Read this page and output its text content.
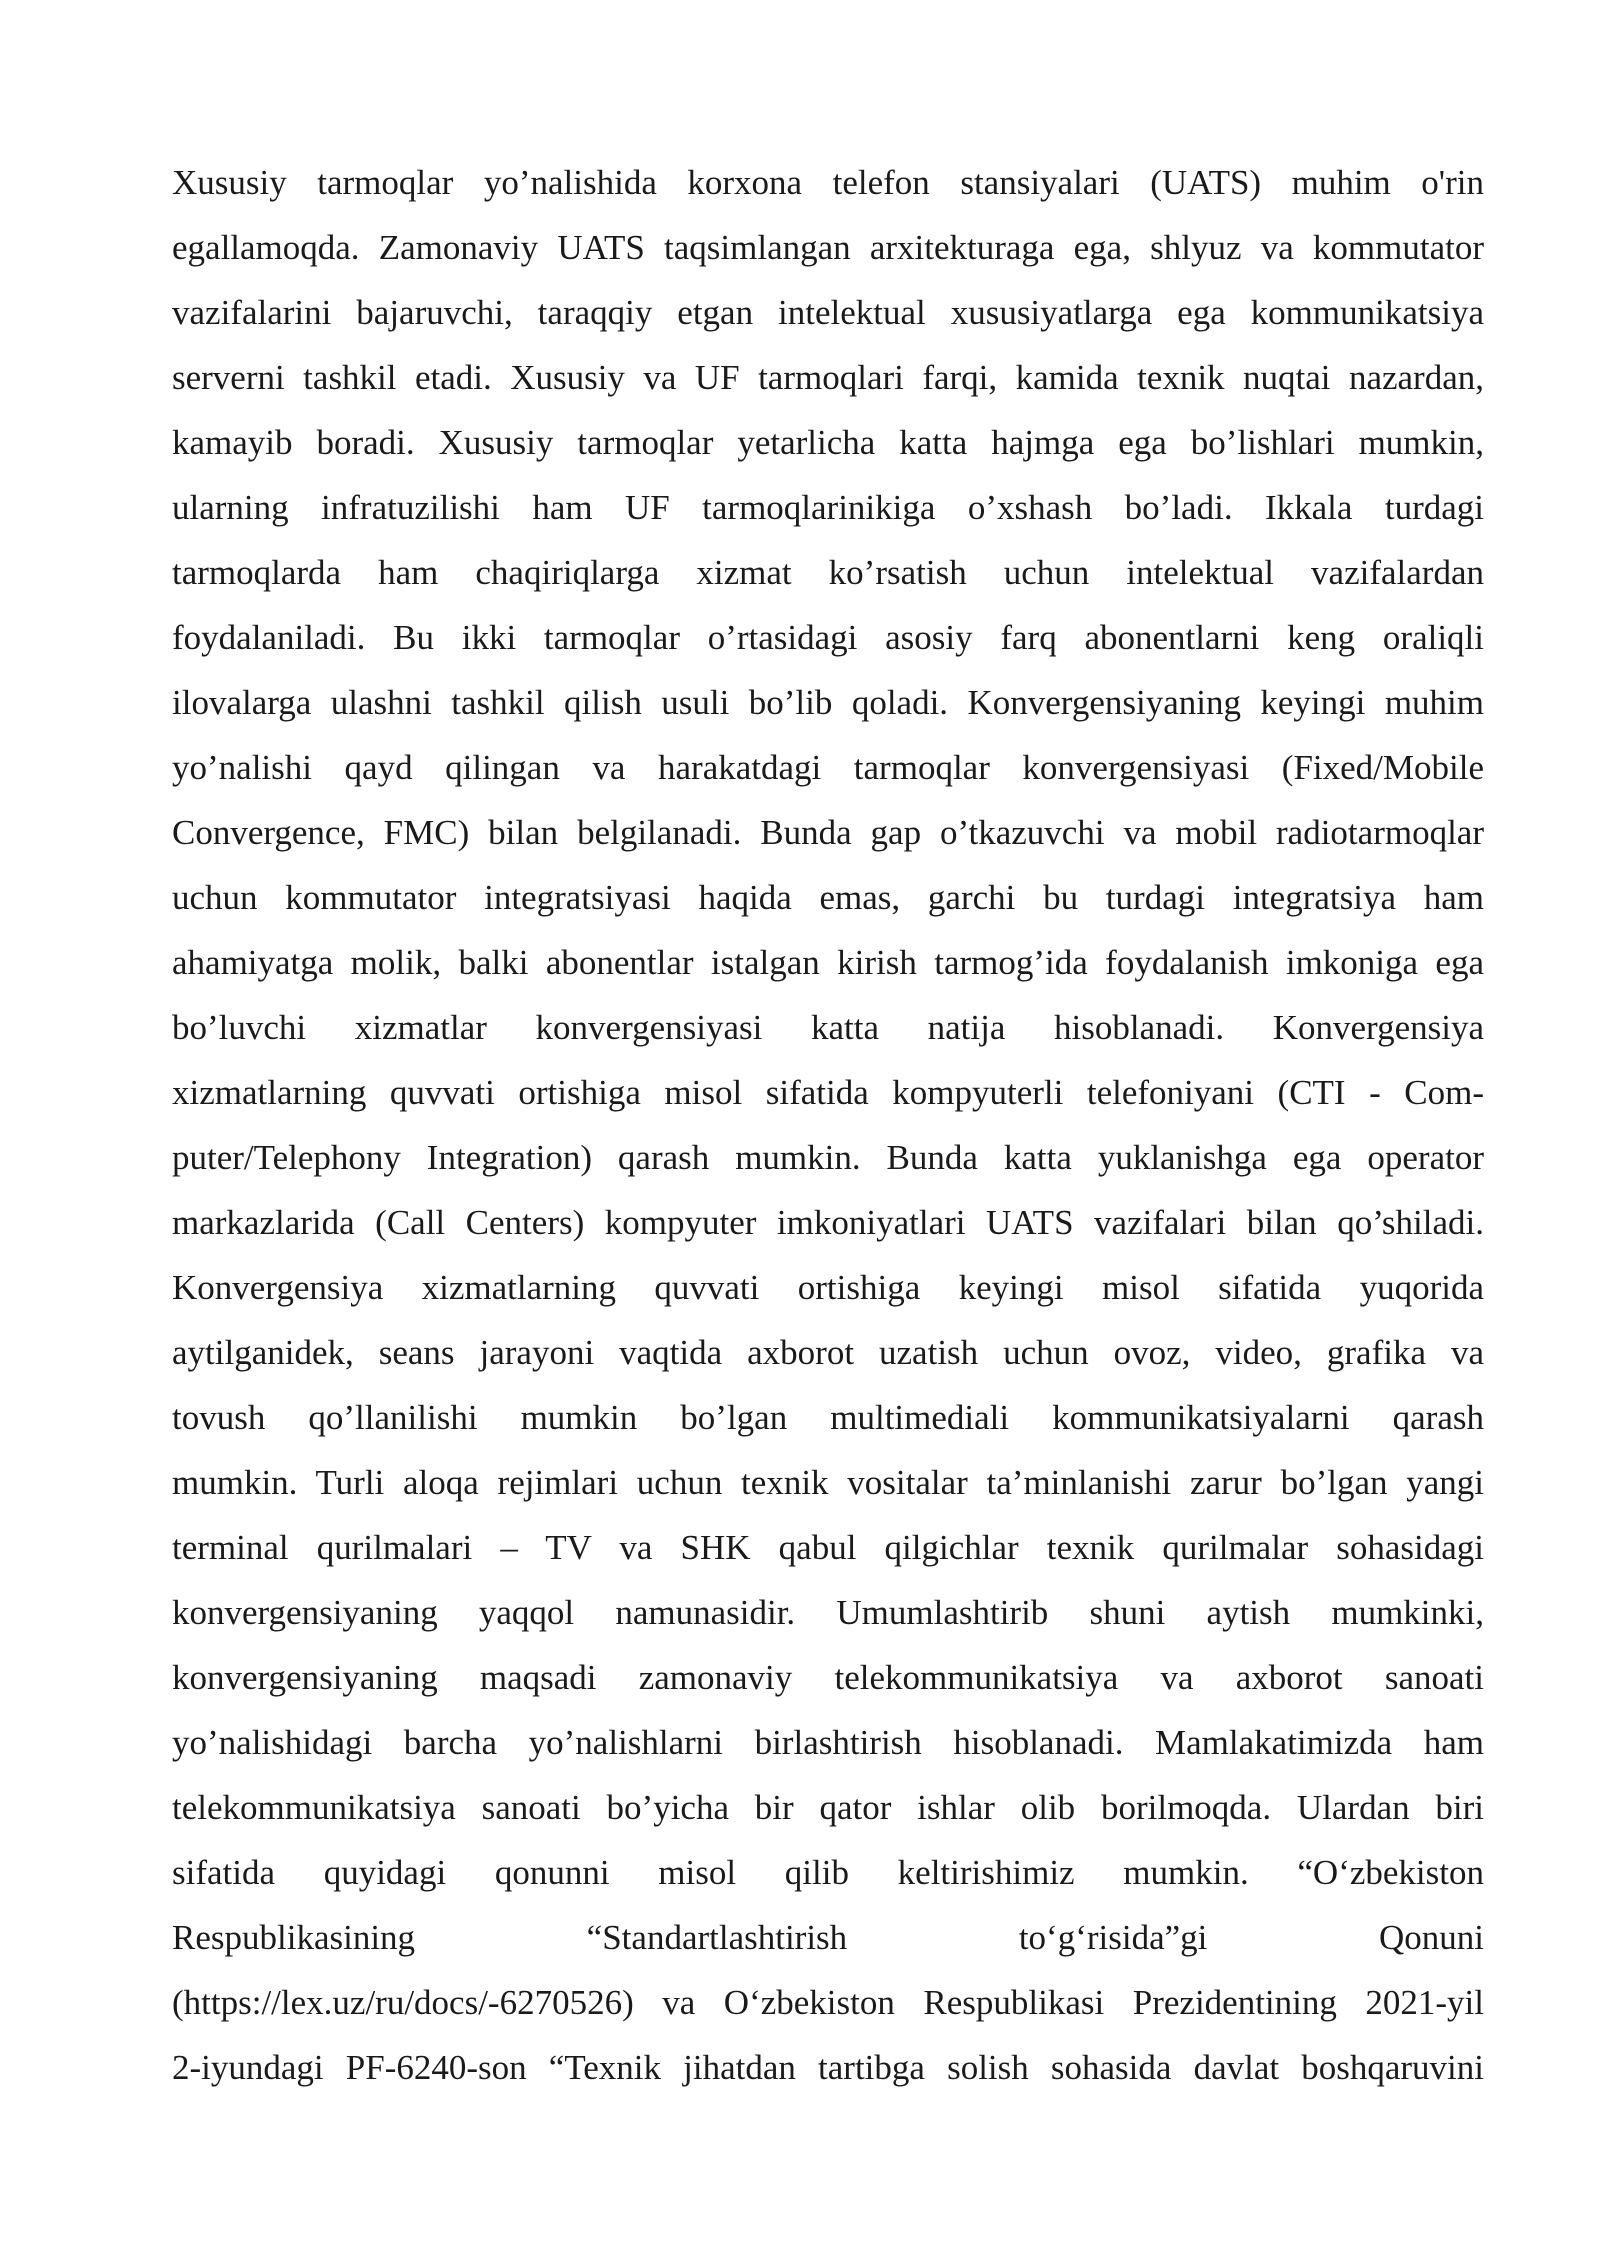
Xususiy tarmoqlar yo’nalishida korxona telefon stansiyalari (UATS) muhim o'rin
egallamoqda. Zamonaviy UATS taqsimlangan arxitekturaga ega, shlyuz va kommutator
vazifalarini bajaruvchi, taraqqiy etgan intelektual xususiyatlarga ega kommunikatsiya
serverni tashkil etadi. Xususiy va UF tarmoqlari farqi, kamida texnik nuqtai nazardan,
kamayib boradi. Xususiy tarmoqlar yetarlicha katta hajmga ega bo’lishlari mumkin,
ularning infratuzilishi ham UF tarmoqlarinikiga o’xshash bo’ladi. Ikkala turdagi
tarmoqlarda ham chaqiriqlarga xizmat ko’rsatish uchun intelektual vazifalardan
foydalaniladi. Bu ikki tarmoqlar o’rtasidagi asosiy farq abonentlarni keng oraliqli
ilovalarga ulashni tashkil qilish usuli bo’lib qoladi. Konvergensiyaning keyingi muhim
yo’nalishi qayd qilingan va harakatdagi tarmoqlar konvergensiyasi (Fixed/Mobile
Convergence, FMC) bilan belgilanadi. Bunda gap o’tkazuvchi va mobil radiotarmoqlar
uchun kommutator integratsiyasi haqida emas, garchi bu turdagi integratsiya ham
ahamiyatga molik, balki abonentlar istalgan kirish tarmog’ida foydalanish imkoniga ega
bo’luvchi xizmatlar konvergensiyasi katta natija hisoblanadi. Konvergensiya
xizmatlarning quvvati ortishiga misol sifatida kompyuterli telefoniyani (CTI - Com-
puter/Telephony Integration) qarash mumkin. Bunda katta yuklanishga ega operator
markazlarida (Call Centers) kompyuter imkoniyatlari UATS vazifalari bilan qo’shiladi.
Konvergensiya xizmatlarning quvvati ortishiga keyingi misol sifatida yuqorida
aytilganidek, seans jarayoni vaqtida axborot uzatish uchun ovoz, video, grafika va
tovush qo’llanilishi mumkin bo’lgan multimediali kommunikatsiyalarni qarash
mumkin. Turli aloqa rejimlari uchun texnik vositalar ta’minlanishi zarur bo’lgan yangi
terminal qurilmalari – TV va SHK qabul qilgichlar texnik qurilmalar sohasidagi
konvergensiyaning yaqqol namunasidir. Umumlashtirib shuni aytish mumkinki,
konvergensiyaning maqsadi zamonaviy telekommunikatsiya va axborot sanoati
yo’nalishidagi barcha yo’nalishlarni birlashtirish hisoblanadi. Mamlakatimizda ham
telekommunikatsiya sanoati bo’yicha bir qator ishlar olib borilmoqda. Ulardan biri
sifatida quyidagi qonunni misol qilib keltirishimiz mumkin. “O‘zbekiston
Respublikasining “Standartlashtirish to‘g‘risida”gi Qonuni
(https://lex.uz/ru/docs/-6270526) va O‘zbekiston Respublikasi Prezidentining 2021-yil
2-iyundagi PF-6240-son “Texnik jihatdan tartibga solish sohasida davlat boshqaruvini
